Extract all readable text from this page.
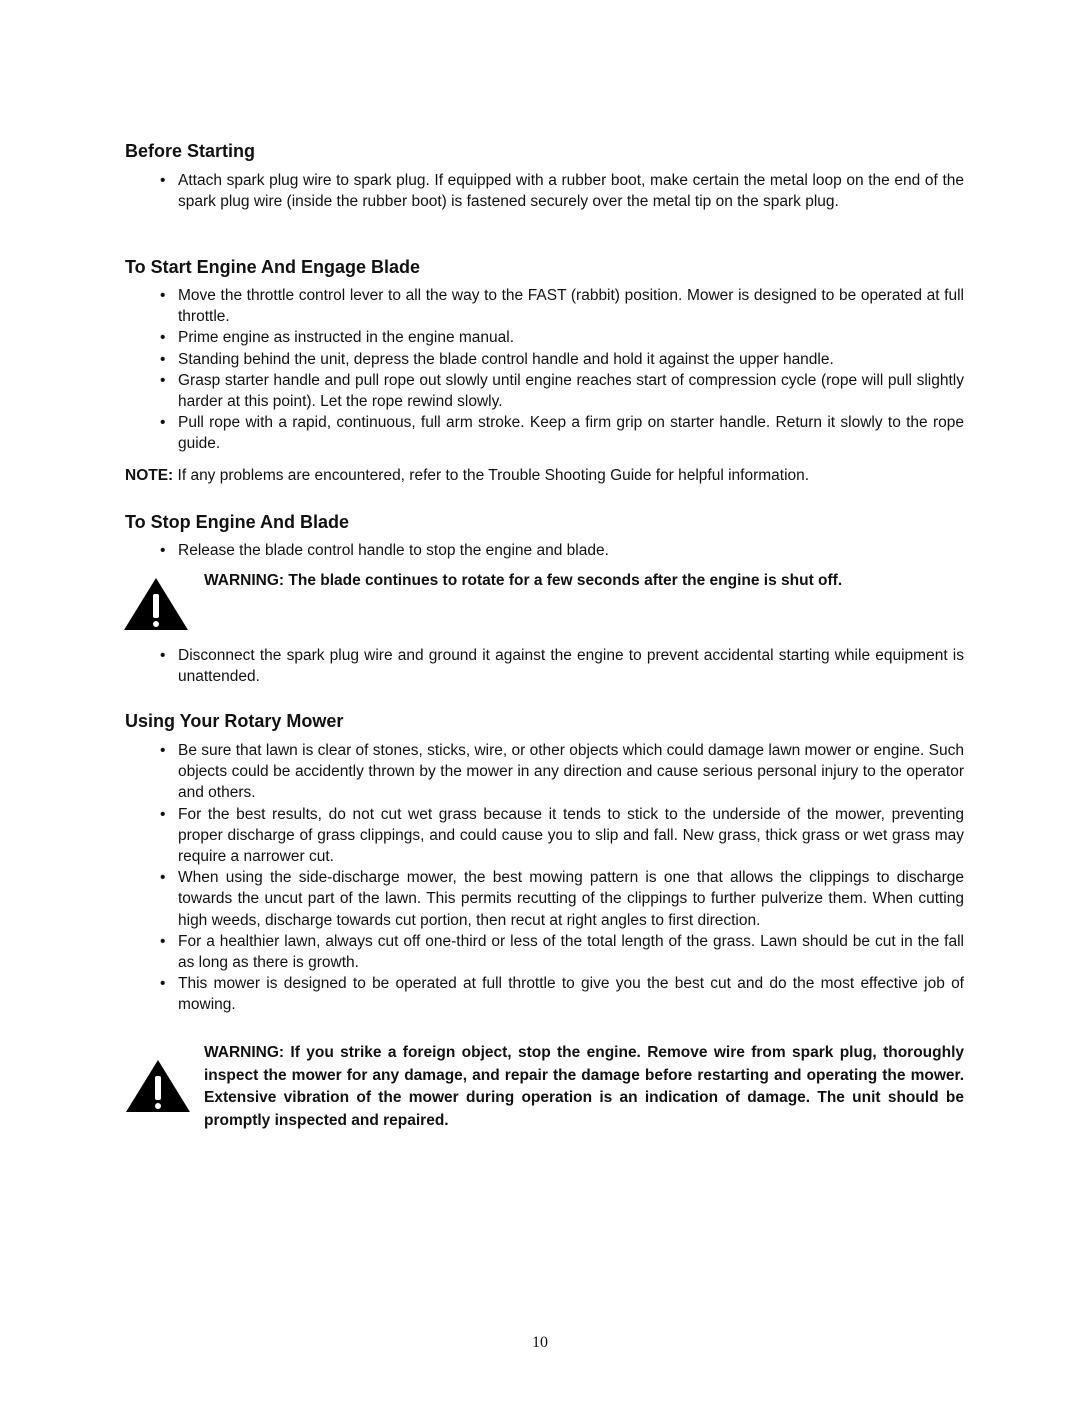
Before Starting
• Attach spark plug wire to spark plug. If equipped with a rubber boot, make certain the metal loop on the end of the spark plug wire (inside the rubber boot) is fastened securely over the metal tip on the spark plug.
To Start Engine And Engage Blade
• Move the throttle control lever to all the way to the FAST (rabbit) position. Mower is designed to be operated at full throttle.
• Prime engine as instructed in the engine manual.
• Standing behind the unit, depress the blade control handle and hold it against the upper handle.
• Grasp starter handle and pull rope out slowly until engine reaches start of compression cycle (rope will pull slightly harder at this point). Let the rope rewind slowly.
• Pull rope with a rapid, continuous, full arm stroke. Keep a firm grip on starter handle. Return it slowly to the rope guide.
NOTE: If any problems are encountered, refer to the Trouble Shooting Guide for helpful information.
To Stop Engine And Blade
• Release the blade control handle to stop the engine and blade.
WARNING: The blade continues to rotate for a few seconds after the engine is shut off.
• Disconnect the spark plug wire and ground it against the engine to prevent accidental starting while equipment is unattended.
Using Your Rotary Mower
• Be sure that lawn is clear of stones, sticks, wire, or other objects which could damage lawn mower or engine. Such objects could be accidently thrown by the mower in any direction and cause serious personal injury to the operator and others.
• For the best results, do not cut wet grass because it tends to stick to the underside of the mower, preventing proper discharge of grass clippings, and could cause you to slip and fall. New grass, thick grass or wet grass may require a narrower cut.
• When using the side-discharge mower, the best mowing pattern is one that allows the clippings to discharge towards the uncut part of the lawn. This permits recutting of the clippings to further pulverize them. When cutting high weeds, discharge towards cut portion, then recut at right angles to first direction.
• For a healthier lawn, always cut off one-third or less of the total length of the grass. Lawn should be cut in the fall as long as there is growth.
• This mower is designed to be operated at full throttle to give you the best cut and do the most effective job of mowing.
WARNING: If you strike a foreign object, stop the engine. Remove wire from spark plug, thoroughly inspect the mower for any damage, and repair the damage before restarting and operating the mower. Extensive vibration of the mower during operation is an indication of damage. The unit should be promptly inspected and repaired.
10
